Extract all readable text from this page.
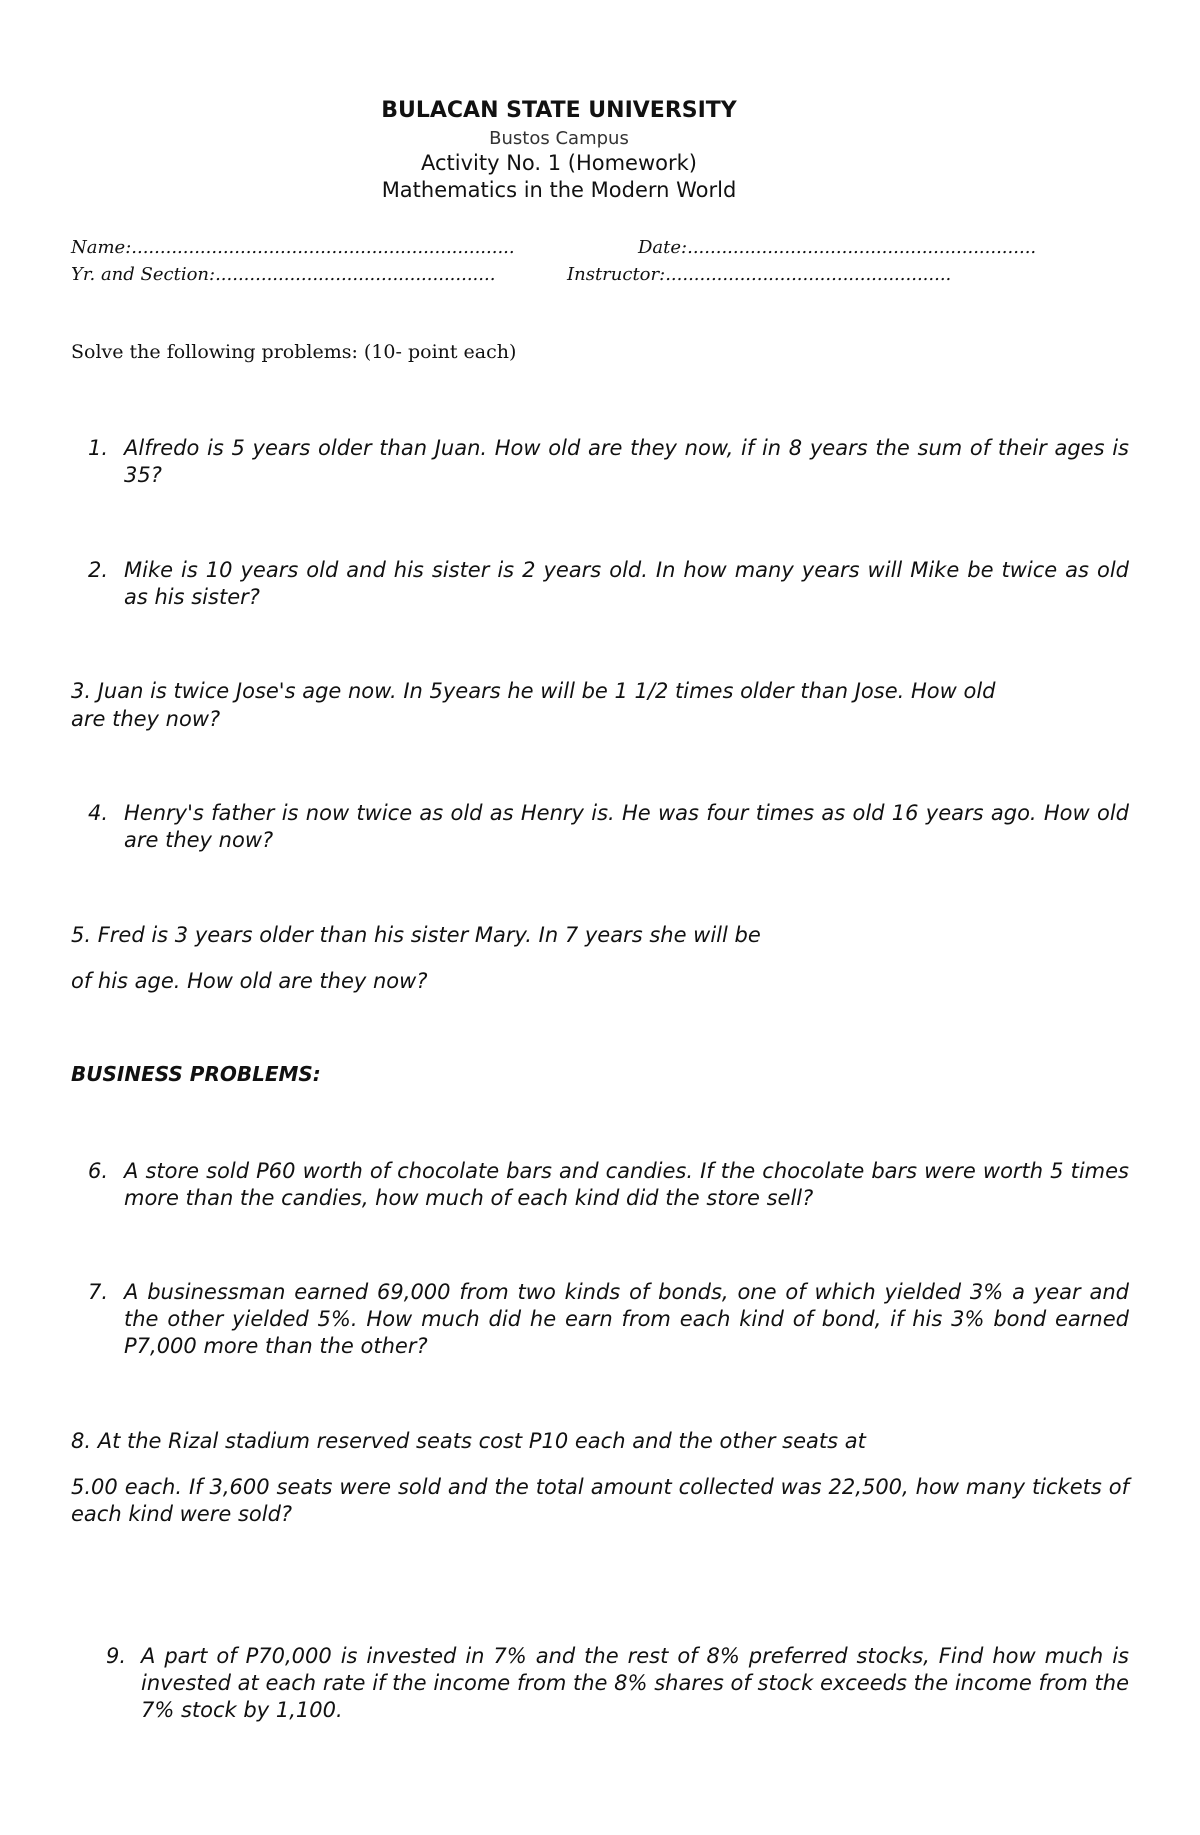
BULACAN STATE UNIVERSITY
Bustos Campus
Activity No. 1 (Homework)
Mathematics in the Modern World
Name:...................................................................	Date:.............................................................
Yr. and Section:.................................................	Instructor:..................................................
Solve the following problems: (10- point each)
1. Alfredo is 5 years older than Juan. How old are they now, if in 8 years the sum of their ages is 35?
2. Mike is 10 years old and his sister is 2 years old. In how many years will Mike be twice as old as his sister?
3. Juan is twice Jose's age now. In 5years he will be 1 1/2 times older than Jose. How old
are they now?
4. Henry's father is now twice as old as Henry is. He was four times as old 16 years ago. How old are they now?
5. Fred is 3 years older than his sister Mary. In 7 years she will be
of his age. How old are they now?
BUSINESS PROBLEMS:
6. A store sold P60 worth of chocolate bars and candies. If the chocolate bars were worth 5 times more than the candies, how much of each kind did the store sell?
7. A businessman earned 69,000 from two kinds of bonds, one of which yielded 3% a year and the other yielded 5%. How much did he earn from each kind of bond, if his 3% bond earned P7,000 more than the other?
8. At the Rizal stadium reserved seats cost P10 each and the other seats at
5.00 each. If 3,600 seats were sold and the total amount collected was 22,500, how many tickets of each kind were sold?
9. A part of P70,000 is invested in 7% and the rest of 8% preferred stocks, Find how much is invested at each rate if the income from the 8% shares of stock exceeds the income from the 7% stock by 1,100.
